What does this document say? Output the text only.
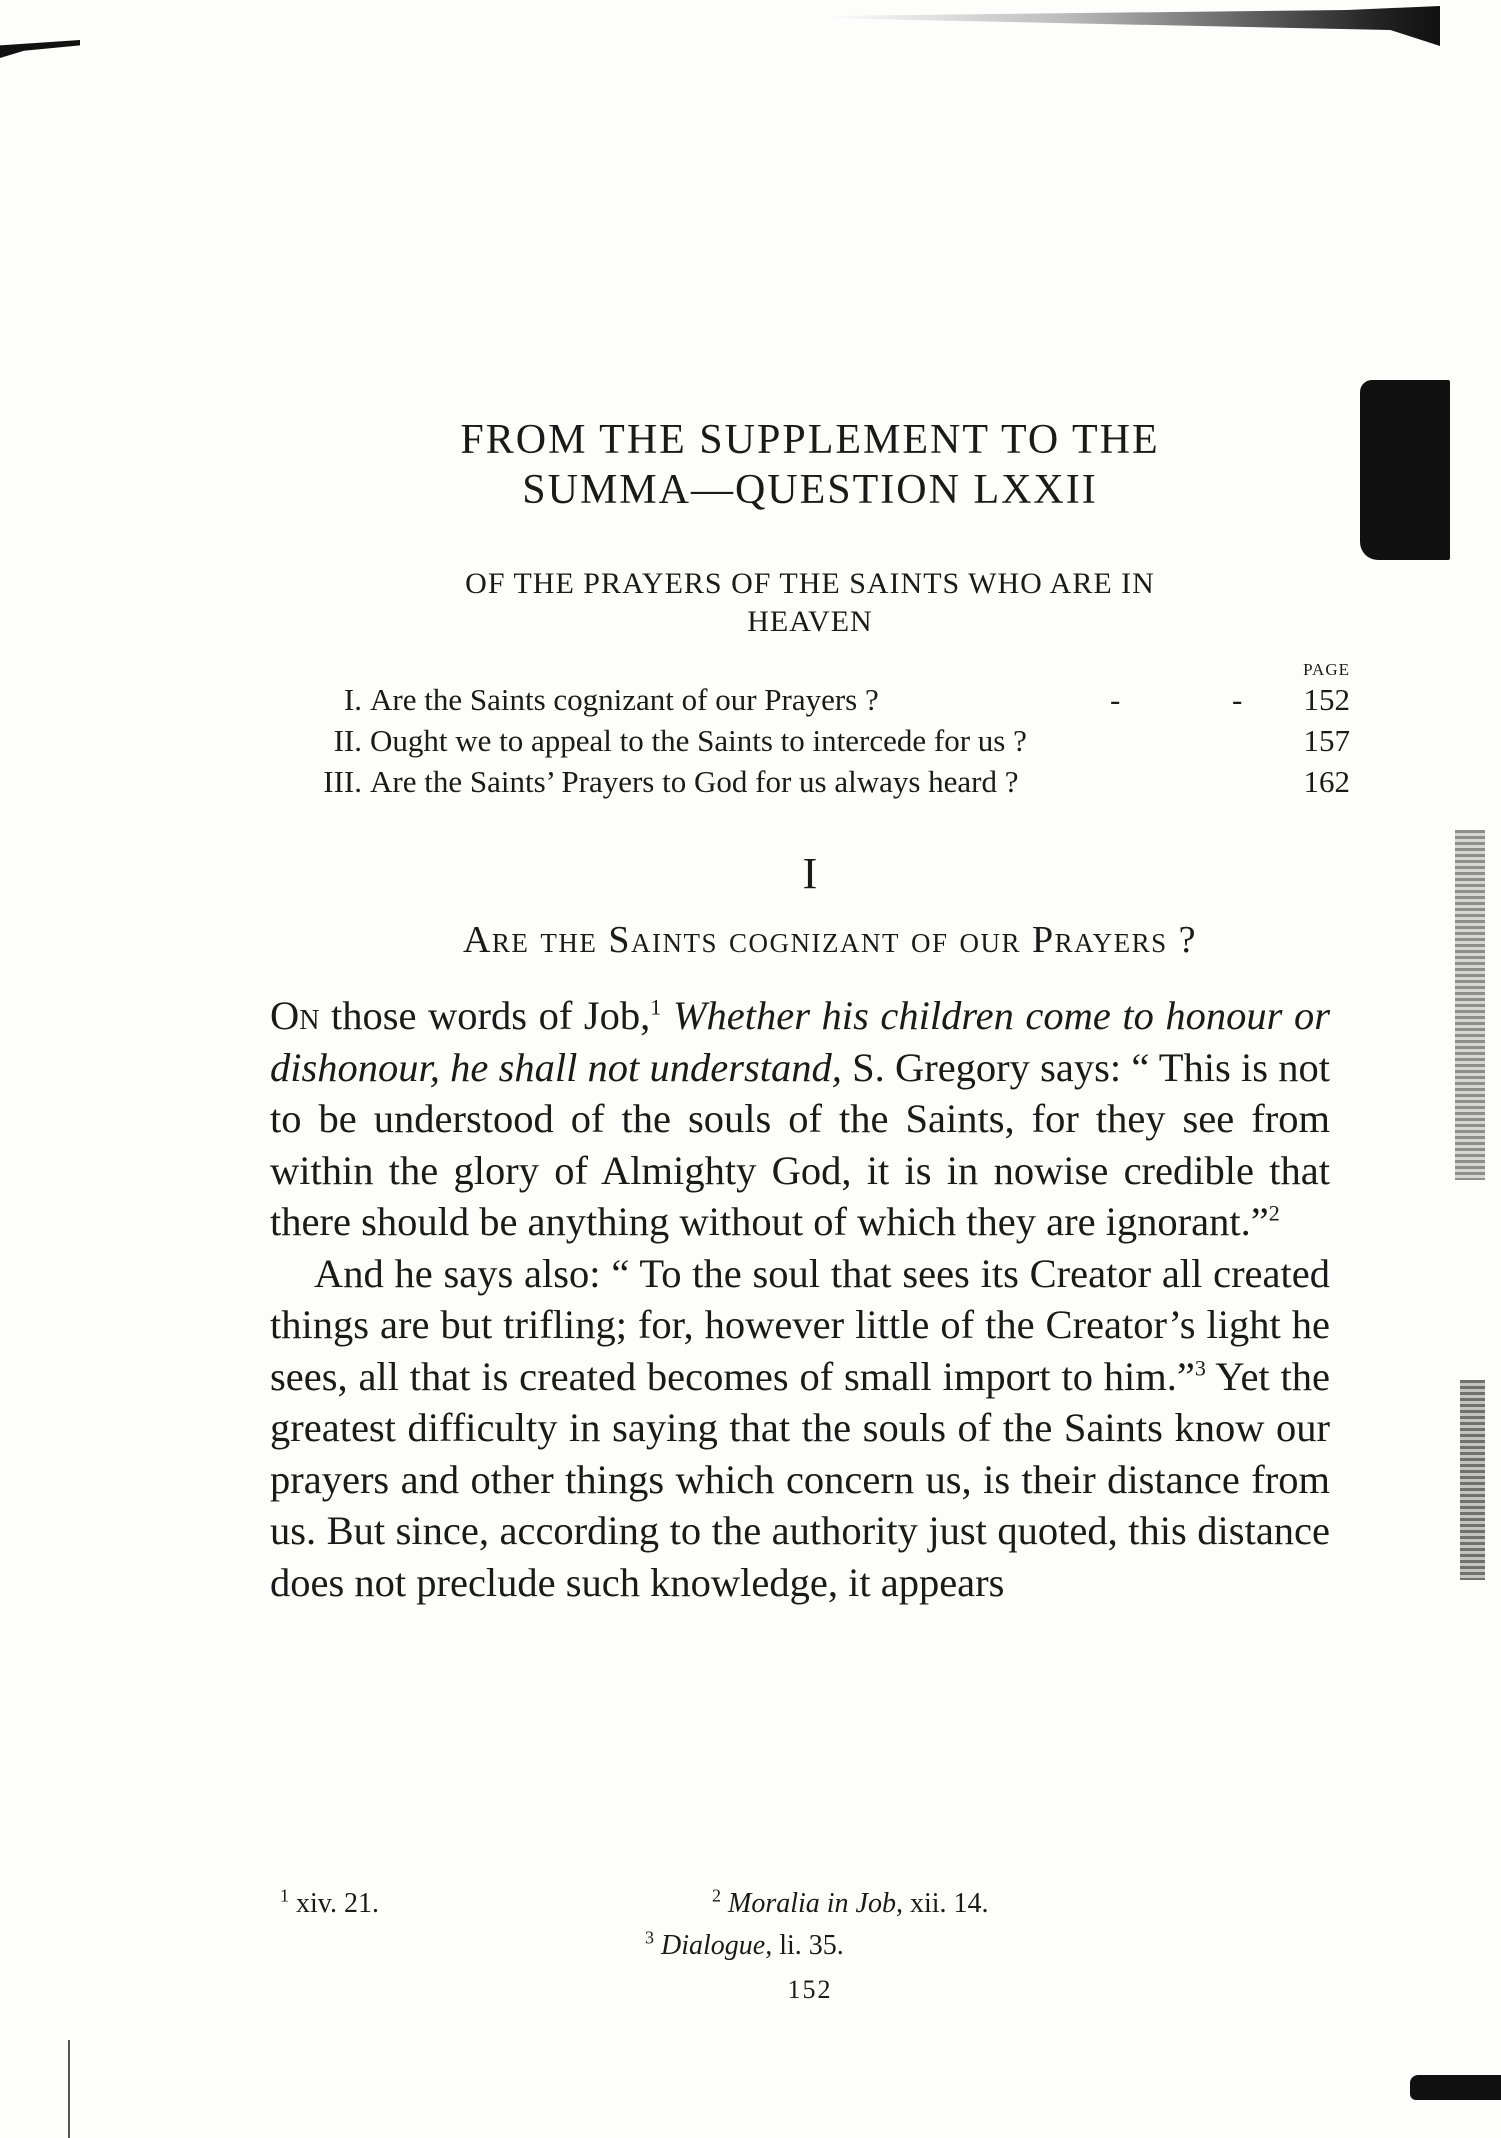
FROM THE SUPPLEMENT TO THE
SUMMA—QUESTION LXXII
OF THE PRAYERS OF THE SAINTS WHO ARE IN
HEAVEN
PAGE
I. Are the Saints cognizant of our Prayers ?	-	- 152
II. Ought we to appeal to the Saints to intercede for us ?	157
III. Are the Saints’ Prayers to God for us always heard ?	162
I
Are the Saints cognizant of our Prayers ?

On those words of Job,$^1$ Whether his children come to honour or dishonour, he shall not understand, S. Gregory says: “ This is not to be understood of the souls of the Saints, for they see from within the glory of Almighty God, it is in nowise credible that there should be anything without of which they are ignorant.”$^2$

And he says also: “ To the soul that sees its Creator all created things are but trifling; for, however little of the Creator’s light he sees, all that is created becomes of small import to him.”$^3$ Yet the greatest difficulty in saying that the souls of the Saints know our prayers and other things which concern us, is their distance from us. But since, according to the authority just quoted, this distance does not preclude such knowledge, it appears

$^1$ xiv. 21.	$^2$ Moralia in Job, xii. 14.
$^3$ Dialogue, li. 35.
152
